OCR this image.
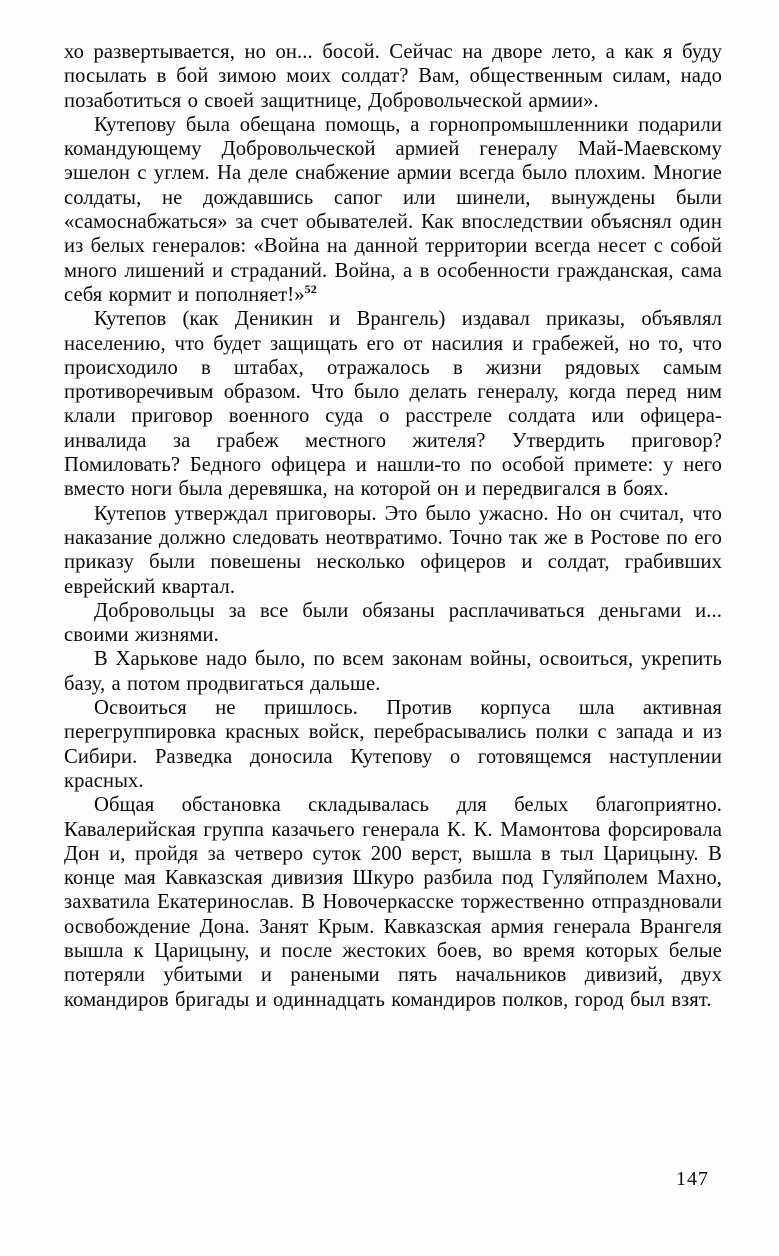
хо развертывается, но он... босой. Сейчас на дворе лето, а как я буду посылать в бой зимою моих солдат? Вам, общественным силам, надо позаботиться о своей защитнице, Добровольческой армии».

Кутепову была обещана помощь, а горнопромышленники подарили командующему Добровольческой армией генералу Май-Маевскому эшелон с углем. На деле снабжение армии всегда было плохим. Многие солдаты, не дождавшись сапог или шинели, вынуждены были «самоснабжаться» за счет обывателей. Как впоследствии объяснял один из белых генералов: «Война на данной территории всегда несет с собой много лишений и страданий. Война, а в особенности гражданская, сама себя кормит и пополняет!»$^{52}$

Кутепов (как Деникин и Врангель) издавал приказы, объявлял населению, что будет защищать его от насилия и грабежей, но то, что происходило в штабах, отражалось в жизни рядовых самым противоречивым образом. Что было делать генералу, когда перед ним клали приговор военного суда о расстреле солдата или офицера-инвалида за грабеж местного жителя? Утвердить приговор? Помиловать? Бедного офицера и нашли-то по особой примете: у него вместо ноги была деревяшка, на которой он и передвигался в боях.

Кутепов утверждал приговоры. Это было ужасно. Но он считал, что наказание должно следовать неотвратимо. Точно так же в Ростове по его приказу были повешены несколько офицеров и солдат, грабивших еврейский квартал.

Добровольцы за все были обязаны расплачиваться деньгами и... своими жизнями.

В Харькове надо было, по всем законам войны, освоиться, укрепить базу, а потом продвигаться дальше.

Освоиться не пришлось. Против корпуса шла активная перегруппировка красных войск, перебрасывались полки с запада и из Сибири. Разведка доносила Кутепову о готовящемся наступлении красных.

Общая обстановка складывалась для белых благоприятно. Кавалерийская группа казачьего генерала К. К. Мамонтова форсировала Дон и, пройдя за четверо суток 200 верст, вышла в тыл Царицыну. В конце мая Кавказская дивизия Шкуро разбила под Гуляйполем Махно, захватила Екатеринослав. В Новочеркасске торжественно отпраздновали освобождение Дона. Занят Крым. Кавказская армия генерала Врангеля вышла к Царицыну, и после жестоких боев, во время которых белые потеряли убитыми и ранеными пять начальников дивизий, двух командиров бригады и одиннадцать командиров полков, город был взят.

147
